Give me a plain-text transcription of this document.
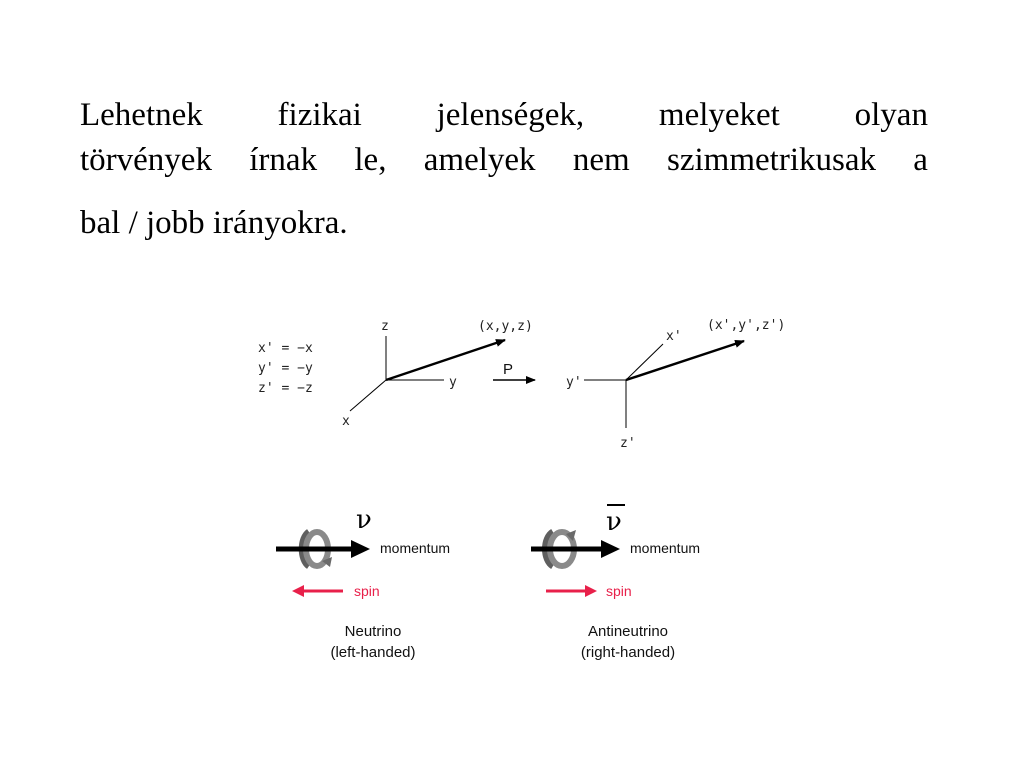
Lehetnek fizikai jelenségek, melyeket olyan
törvények írnak le, amelyek nem szimmetrikusak a
bal / jobb irányokra.
x' = −x
y' = −y
z' = −z
z
y
x
(x,y,z)
P
x'
y'
z'
(x',y',z')
ν
momentum
spin
Neutrino
(left-handed)
ν
momentum
spin
Antineutrino
(right-handed)
